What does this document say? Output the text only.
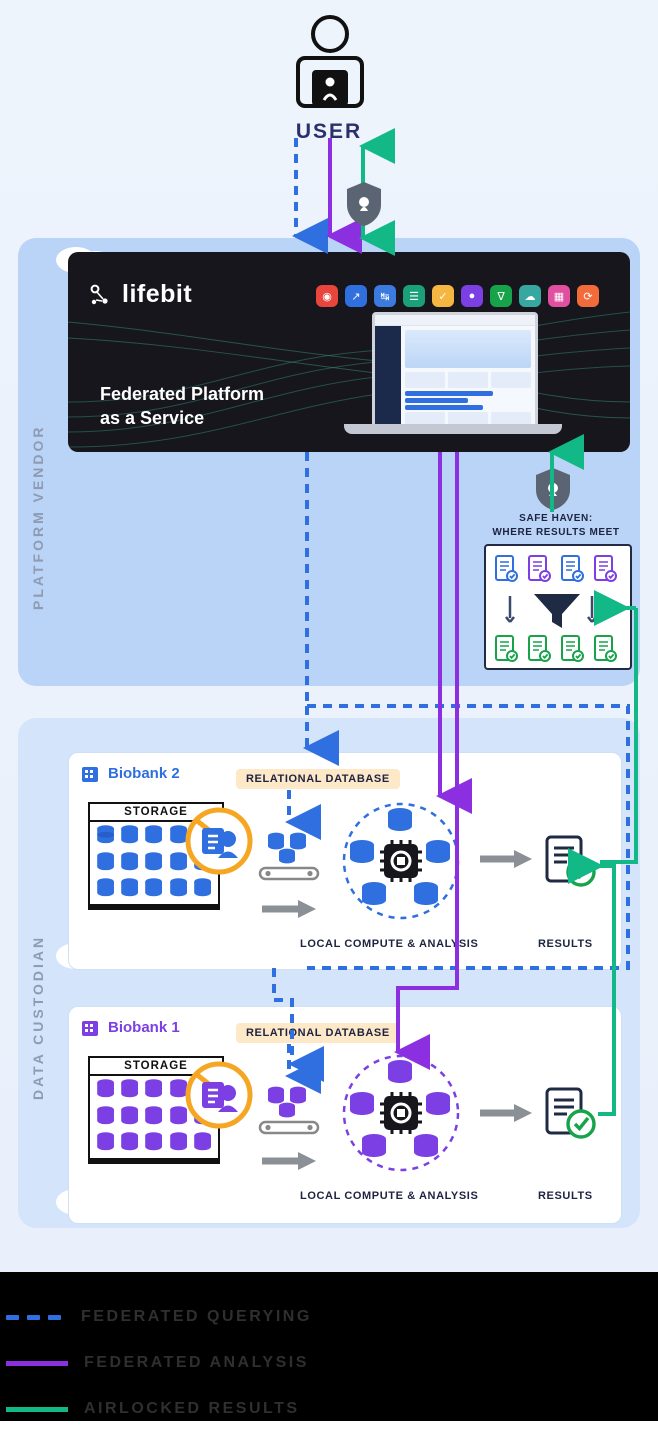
USER
PLATFORM VENDOR
DATA CUSTODIAN
lifebit
Federated Platform
as a Service
◉	↗	↹	☰	✓	●	∇	☁	▦	⟳
SAFE HAVEN:
WHERE RESULTS MEET
Biobank 2	RELATIONAL DATABASE
STORAGE
LOCAL COMPUTE & ANALYSIS	RESULTS
Biobank 1	RELATIONAL DATABASE
STORAGE
LOCAL COMPUTE & ANALYSIS	RESULTS
FEDERATED QUERYING
FEDERATED ANALYSIS
AIRLOCKED RESULTS
